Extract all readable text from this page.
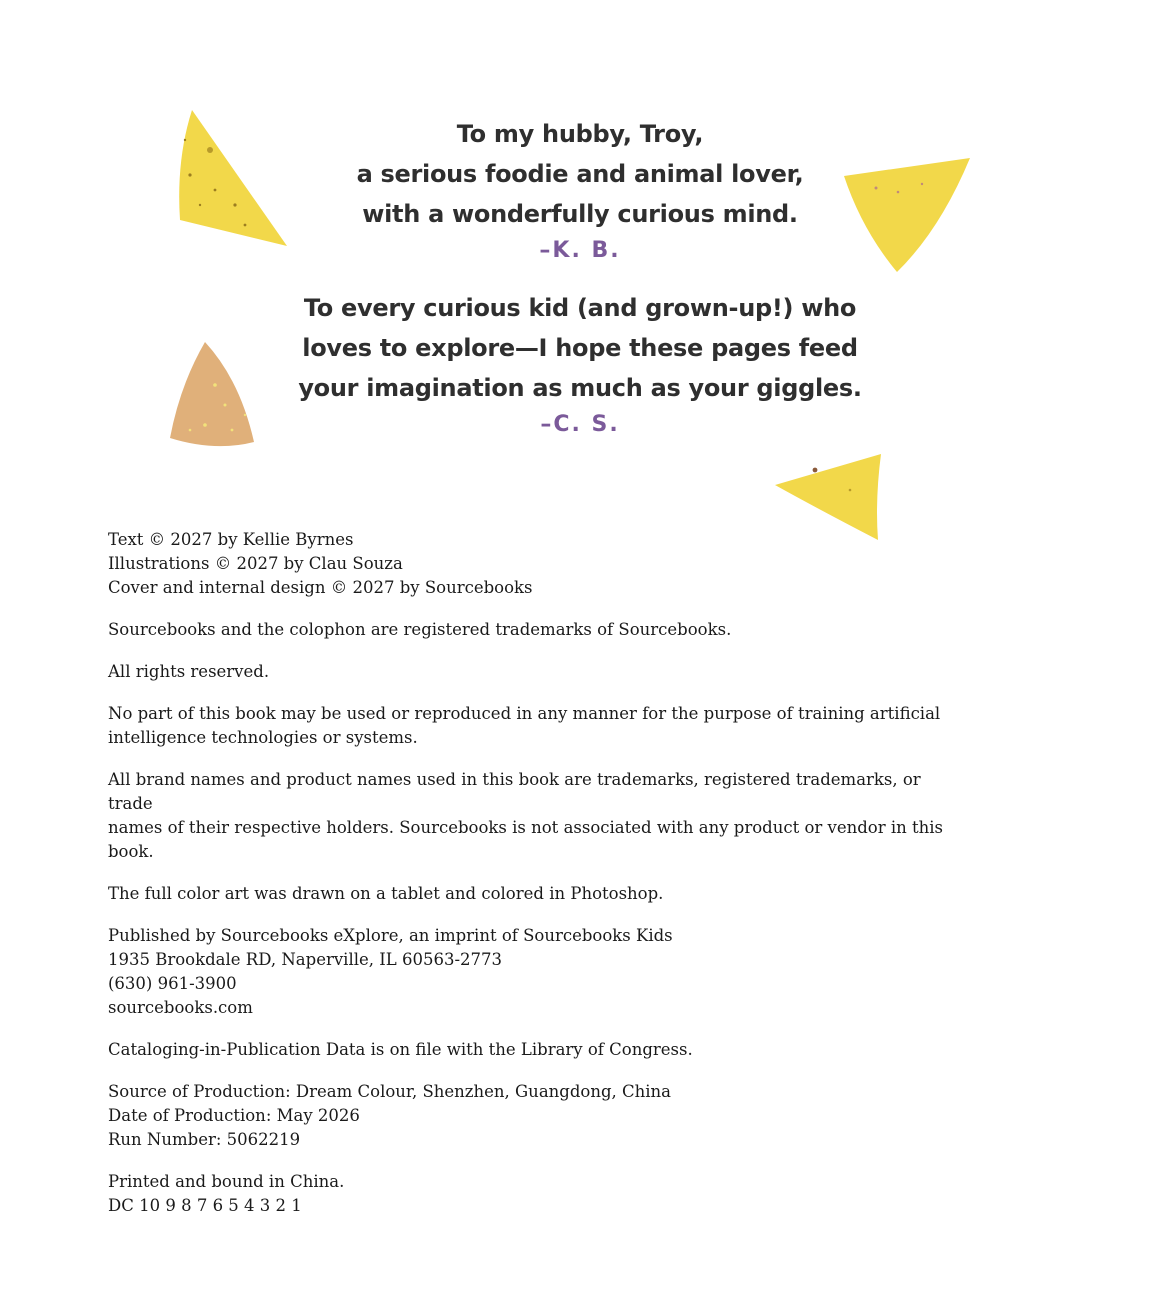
To my hubby, Troy,
a serious foodie and animal lover,
with a wonderfully curious mind.
–K. B.
To every curious kid (and grown-up!) who
loves to explore—I hope these pages feed
your imagination as much as your giggles.
–C. S.

Text © 2027 by Kellie Byrnes
Illustrations © 2027 by Clau Souza
Cover and internal design © 2027 by Sourcebooks

Sourcebooks and the colophon are registered trademarks of Sourcebooks.

All rights reserved.

No part of this book may be used or reproduced in any manner for the purpose of training artificial
intelligence technologies or systems.

All brand names and product names used in this book are trademarks, registered trademarks, or trade
names of their respective holders. Sourcebooks is not associated with any product or vendor in this
book.

The full color art was drawn on a tablet and colored in Photoshop.

Published by Sourcebooks eXplore, an imprint of Sourcebooks Kids
1935 Brookdale RD, Naperville, IL 60563-2773
(630) 961-3900
sourcebooks.com

Cataloging-in-Publication Data is on file with the Library of Congress.

Source of Production: Dream Colour, Shenzhen, Guangdong, China
Date of Production: May 2026
Run Number: 5062219

Printed and bound in China.
DC 10 9 8 7 6 5 4 3 2 1
